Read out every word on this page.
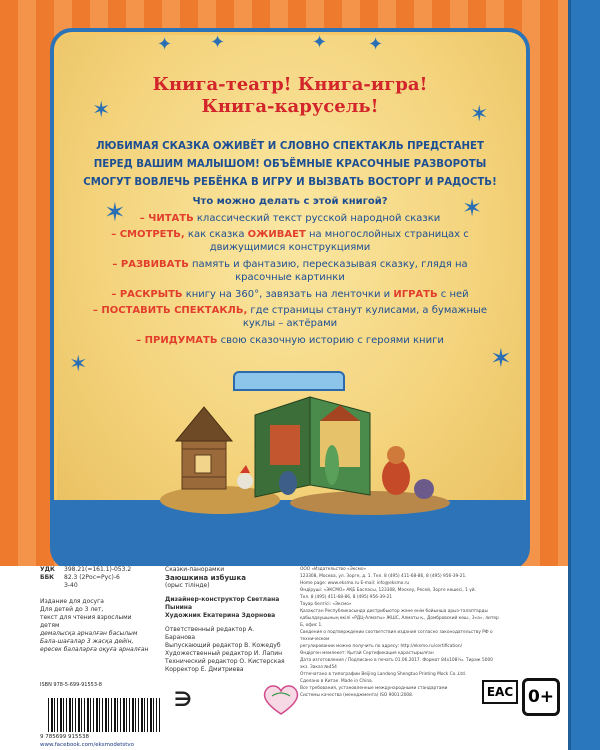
✦ ✦	✦ ✦
✶	✶
✶	✶
✶	✶
Книга-театр! Книга-игра!
Книга-карусель!
ЛЮБИМАЯ СКАЗКА ОЖИВЁТ И СЛОВНО СПЕКТАКЛЬ ПРЕДСТАНЕТ
ПЕРЕД ВАШИМ МАЛЫШОМ! ОБЪЁМНЫЕ КРАСОЧНЫЕ РАЗВОРОТЫ
СМОГУТ ВОВЛЕЧЬ РЕБЁНКА В ИГРУ И ВЫЗВАТЬ ВОСТОРГ И РАДОСТЬ!
Что можно делать с этой книгой?
– ЧИТАТЬ классический текст русской народной сказки
– СМОТРЕТЬ, как сказка ОЖИВАЕТ на многослойных страницах с движущимися конструкциями
– РАЗВИВАТЬ память и фантазию, пересказывая сказку, глядя на красочные картинки
– РАСКРЫТЬ книгу на 360°, завязать на ленточки и ИГРАТЬ с ней
– ПОСТАВИТЬ СПЕКТАКЛЬ, где страницы станут кулисами, а бумажные куклы – актёрами
– ПРИДУМАТЬ свою сказочную историю с героями книги
УДК 398.21(=161.1)-053.2
ББК 82.3 (2Рос=Рус)-6
З-40
Издание для досуга
Для детей до 3 лет,
текст для чтения взрослыми детям
демалысқа арналған басылым
Бала-шағалар 3 жасқа дейін,
ересек балаларға оқуға арналған
Сказки-панорамки
Заюшкина избушка
(орыс тілінде)
Дизайнер-конструктор Светлана Пынина
Художник Екатерина Здорнова
Ответственный редактор А. Баранова
Выпускающий редактор В. Кожедуб
Художественный редактор И. Лапин
Технический редактор О. Кистерская
Корректор Е. Дмитриева
ООО «Издательство «Эксмо»
123308, Москва, ул. Зорге, д. 1. Тел. 8 (495) 411-68-86, 8 (495) 956-39-21.
Home page: www.eksmo.ru E-mail: info@eksmo.ru
Өндіруші: «ЭКСМО» АҚБ Баспасы, 123308, Мәскеу, Ресей, Зорге көшесі, 1 үй.
Тел. 8 (495) 411-68-86, 8 (495) 956-39-21
Тауар белгісі: «Эксмо»
Қазақстан Республикасында дистрибьютор және өнім бойынша арыз-талаптарды
қабылдаушының өкілі «РДЦ-Алматы» ЖШС, Алматы қ., Домбровский көш., 3«а», литер Б, офис 1.
Сведения о подтверждении соответствия издания согласно законодательству РФ о техническом
регулировании можно получить по адресу: http://eksmo.ru/certification/
Өндірген мемлекет: Қытай Сертификация қарастырылған
Дата изготовления / Подписано в печать 01.06.2017. Формат 84х108¹⁄₁₆. Тираж 5000 экз. Заказ №454
Отпечатано в типографии Beijing Landong Shengtuo Printing Mock Co.,Ltd.
Сделано в Китае. Made in China.
Все требования, установленные международными стандартами
Системы качества (менеджмента) ISO 9001:2008.
ISBN 978-5-699-91553-8
9 785699 915538
www.facebook.com/eksmodetstvo
∋	EAC 0+
